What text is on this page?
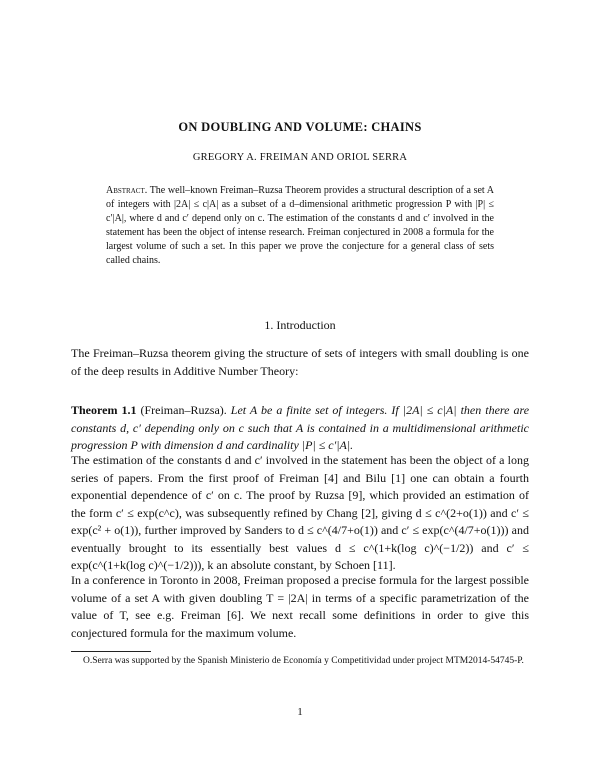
ON DOUBLING AND VOLUME: CHAINS
GREGORY A. FREIMAN AND ORIOL SERRA
Abstract. The well–known Freiman–Ruzsa Theorem provides a structural description of a set A of integers with |2A| ≤ c|A| as a subset of a d–dimensional arithmetic progression P with |P| ≤ c′|A|, where d and c′ depend only on c. The estimation of the constants d and c′ involved in the statement has been the object of intense research. Freiman conjectured in 2008 a formula for the largest volume of such a set. In this paper we prove the conjecture for a general class of sets called chains.
1. Introduction
The Freiman–Ruzsa theorem giving the structure of sets of integers with small doubling is one of the deep results in Additive Number Theory:
Theorem 1.1 (Freiman–Ruzsa). Let A be a finite set of integers. If |2A| ≤ c|A| then there are constants d, c′ depending only on c such that A is contained in a multidimensional arithmetic progression P with dimension d and cardinality |P| ≤ c′|A|.
The estimation of the constants d and c′ involved in the statement has been the object of a long series of papers. From the first proof of Freiman [4] and Bilu [1] one can obtain a fourth exponential dependence of c′ on c. The proof by Ruzsa [9], which provided an estimation of the form c′ ≤ exp(c^c), was subsequently refined by Chang [2], giving d ≤ c^(2+o(1)) and c′ ≤ exp(c² + o(1)), further improved by Sanders to d ≤ c^(4/7+o(1)) and c′ ≤ exp(c^(4/7+o(1))) and eventually brought to its essentially best values d ≤ c^(1+k(log c)^(−1/2)) and c′ ≤ exp(c^(1+k(log c)^(−1/2))), k an absolute constant, by Schoen [11].
In a conference in Toronto in 2008, Freiman proposed a precise formula for the largest possible volume of a set A with given doubling T = |2A| in terms of a specific parametrization of the value of T, see e.g. Freiman [6]. We next recall some definitions in order to give this conjectured formula for the maximum volume.
O.Serra was supported by the Spanish Ministerio de Economía y Competitividad under project MTM2014-54745-P.
1
